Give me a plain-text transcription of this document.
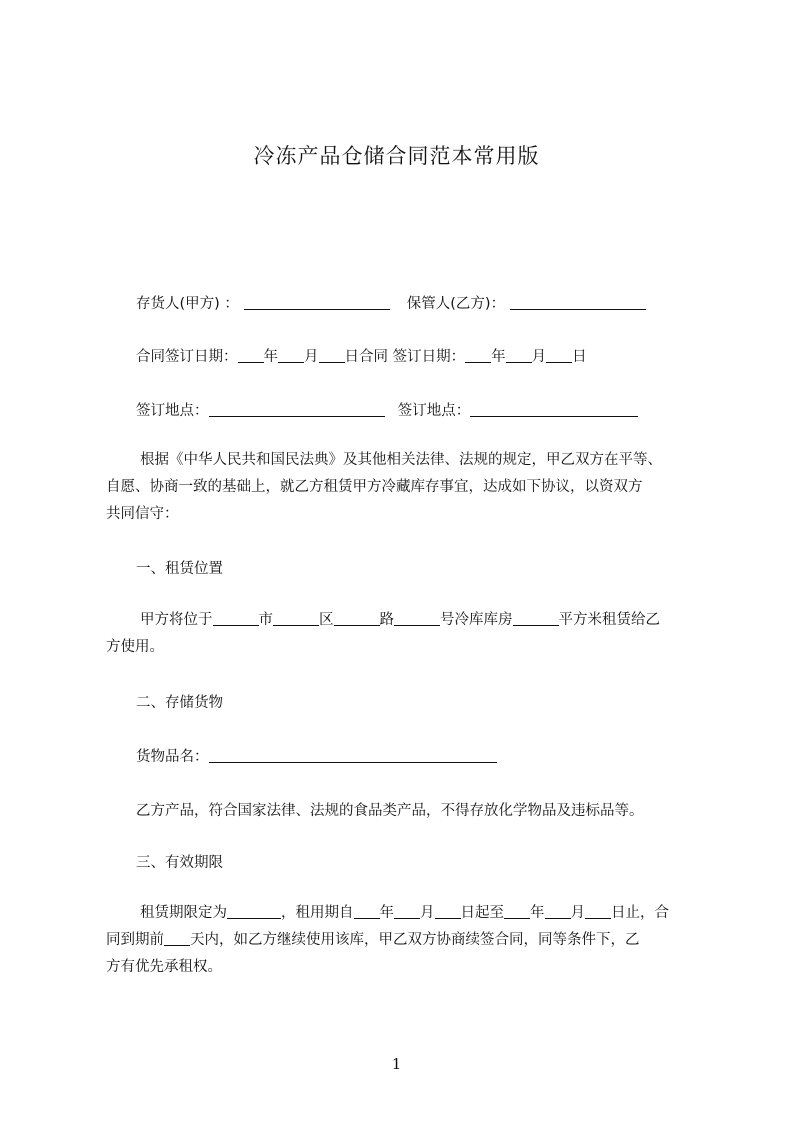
冷冻产品仓储合同范本常用版
存货人(甲方) ：	保管人(乙方)：
合同签订日期： 年 月 日合同 签订日期： 年 月 日
签订地点：	签订地点：
根据《中华人民共和国民法典》及其他相关法律、法规的规定，甲乙双方在平等、
自愿、协商一致的基础上，就乙方租赁甲方冷藏库存事宜，达成如下协议，以资双方
共同信守：
一、租赁位置
甲方将位于	市	区	路	号冷库库房	平方米租赁给乙
方使用。
二、存储货物
货物品名：
乙方产品，符合国家法律、法规的食品类产品，不得存放化学物品及违标品等。
三、有效期限
租赁期限定为	，租用期自 年 月 日起至 年 月 日止，合
同到期前 天内，如乙方继续使用该库，甲乙双方协商续签合同，同等条件下，乙
方有优先承租权。
1
